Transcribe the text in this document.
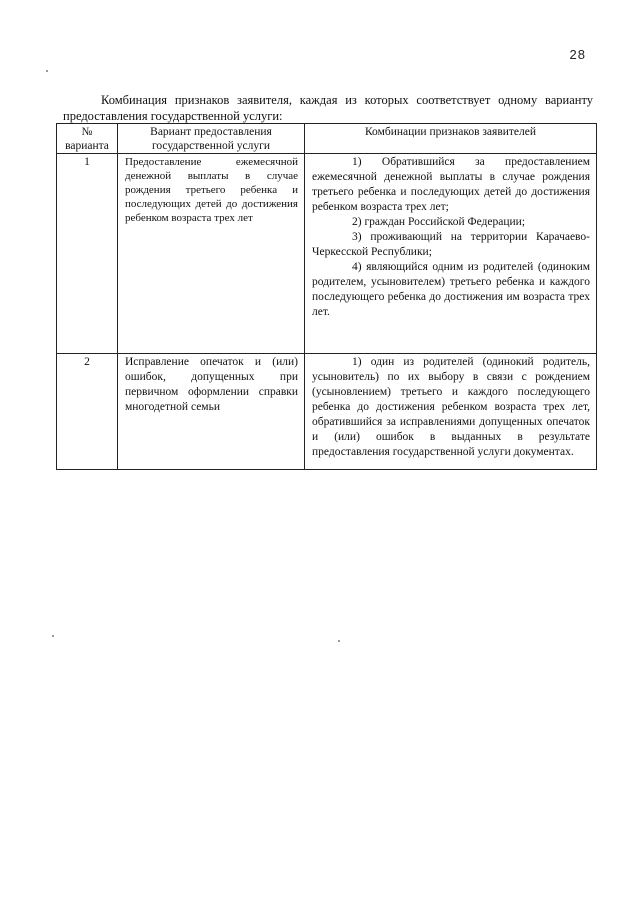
28

Комбинация признаков заявителя, каждая из которых соответствует одному варианту предоставления государственной услуги:

№ варианта	Вариант предоставления государственной услуги	Комбинации признаков заявителей
1	Предоставление ежемесячной денежной выплаты в случае рождения третьего ребенка и последующих детей до достижения ребенком возраста трех лет	1) Обратившийся за предоставлением ежемесячной денежной выплаты в случае рождения третьего ребенка и последующих детей до достижения ребенком возраста трех лет;

2) граждан Российской Федерации;

3) проживающий на территории Карачаево-Черкесской Республики;

4) являющийся одним из родителей (одиноким родителем, усыновителем) третьего ребенка и каждого последующего ребенка до достижения им возраста трех лет.

2	Исправление опечаток и (или) ошибок, допущенных при первичном оформлении справки многодетной семьи	1) один из родителей (одинокий родитель, усыновитель) по их выбору в связи с рождением (усыновлением) третьего и каждого последующего ребенка до достижения ребенком возраста трех лет, обратившийся за исправлениями допущенных опечаток и (или) ошибок в выданных в результате предоставления государственной услуги документах.
